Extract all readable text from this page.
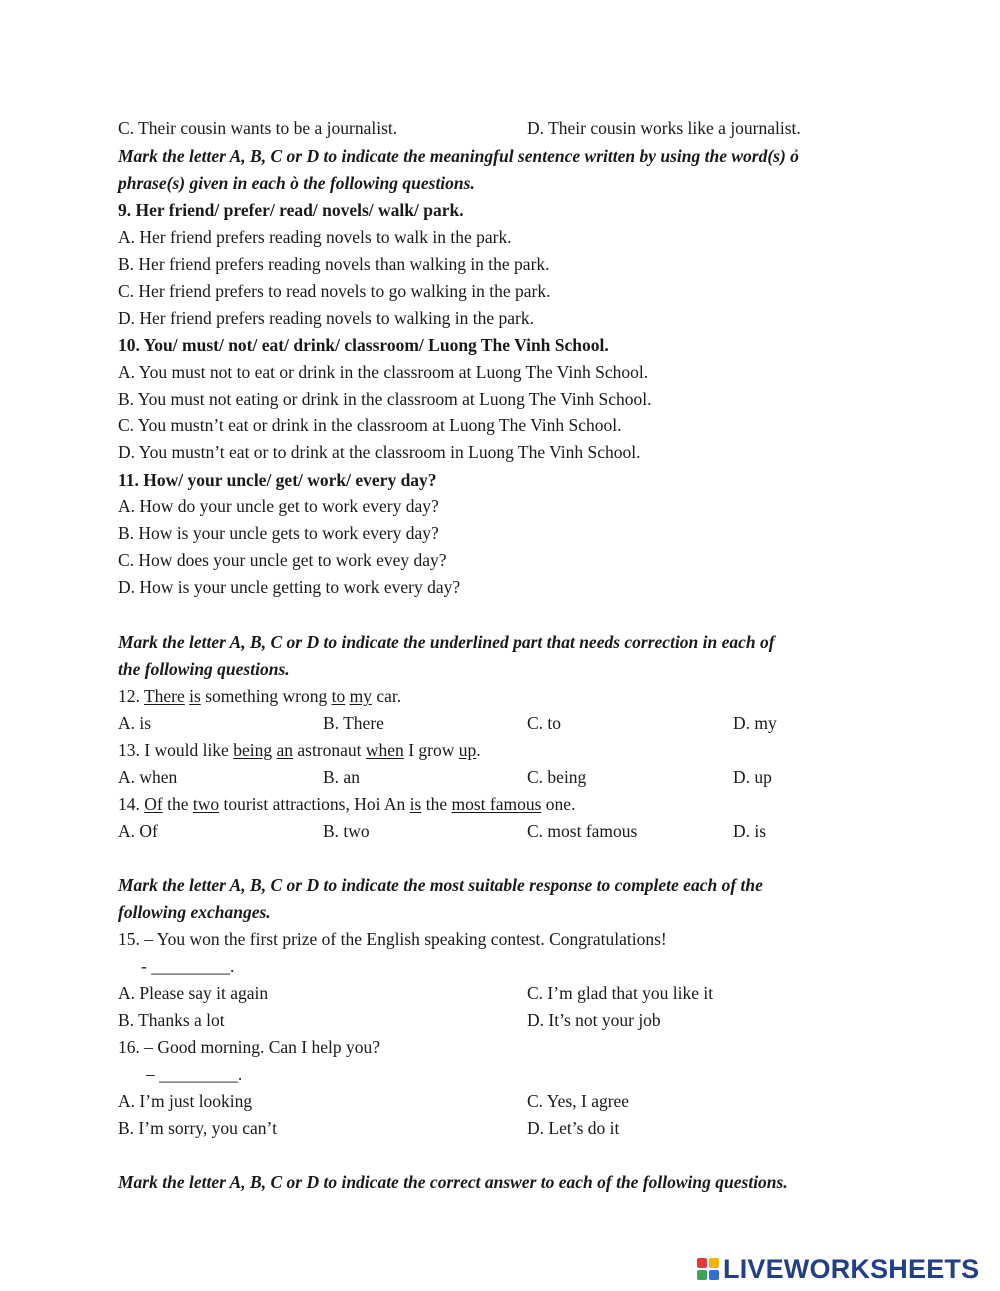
C. Their cousin wants to be a journalist.	D. Their cousin works like a journalist.
Mark the letter A, B, C or D to indicate the meaningful sentence written by using the word(s) ỏ
phrase(s) given in each ò the following questions.
9. Her friend/ prefer/ read/ novels/ walk/ park.
A. Her friend prefers reading novels to walk in the park.
B. Her friend prefers reading novels than walking in the park.
C. Her friend prefers to read novels to go walking in the park.
D. Her friend prefers reading novels to walking in the park.
10. You/ must/ not/ eat/ drink/ classroom/ Luong The Vinh School.
A. You must not to eat or drink in the classroom at Luong The Vinh School.
B. You must not eating or drink in the classroom at Luong The Vinh School.
C. You mustn’t eat or drink in the classroom at Luong The Vinh School.
D. You mustn’t eat or to drink at the classroom in Luong The Vinh School.
11. How/ your uncle/ get/ work/ every day?
A. How do your uncle get to work every day?
B. How is your uncle gets to work every day?
C. How does your uncle get to work evey day?
D. How is your uncle getting to work every day?
Mark the letter A, B, C or D to indicate the underlined part that needs correction in each of
the following questions.
12. There is something wrong to my car.
A. is	B. There	C. to	D. my
13. I would like being an astronaut when I grow up.
A. when	B. an	C. being	D. up
14. Of the two tourist attractions, Hoi An is the most famous one.
A. Of	B. two	C. most famous	D. is
Mark the letter A, B, C or D to indicate the most suitable response to complete each of the
following exchanges.
15. – You won the first prize of the English speaking contest. Congratulations!
- _________.
A. Please say it again	C. I’m glad that you like it
B. Thanks a lot	D. It’s not your job
16. – Good morning. Can I help you?
– _________.
A. I’m just looking	C. Yes, I agree
B. I’m sorry, you can’t	D. Let’s do it
Mark the letter A, B, C or D to indicate the correct answer to each of the following questions.
LIVEWORKSHEETS
